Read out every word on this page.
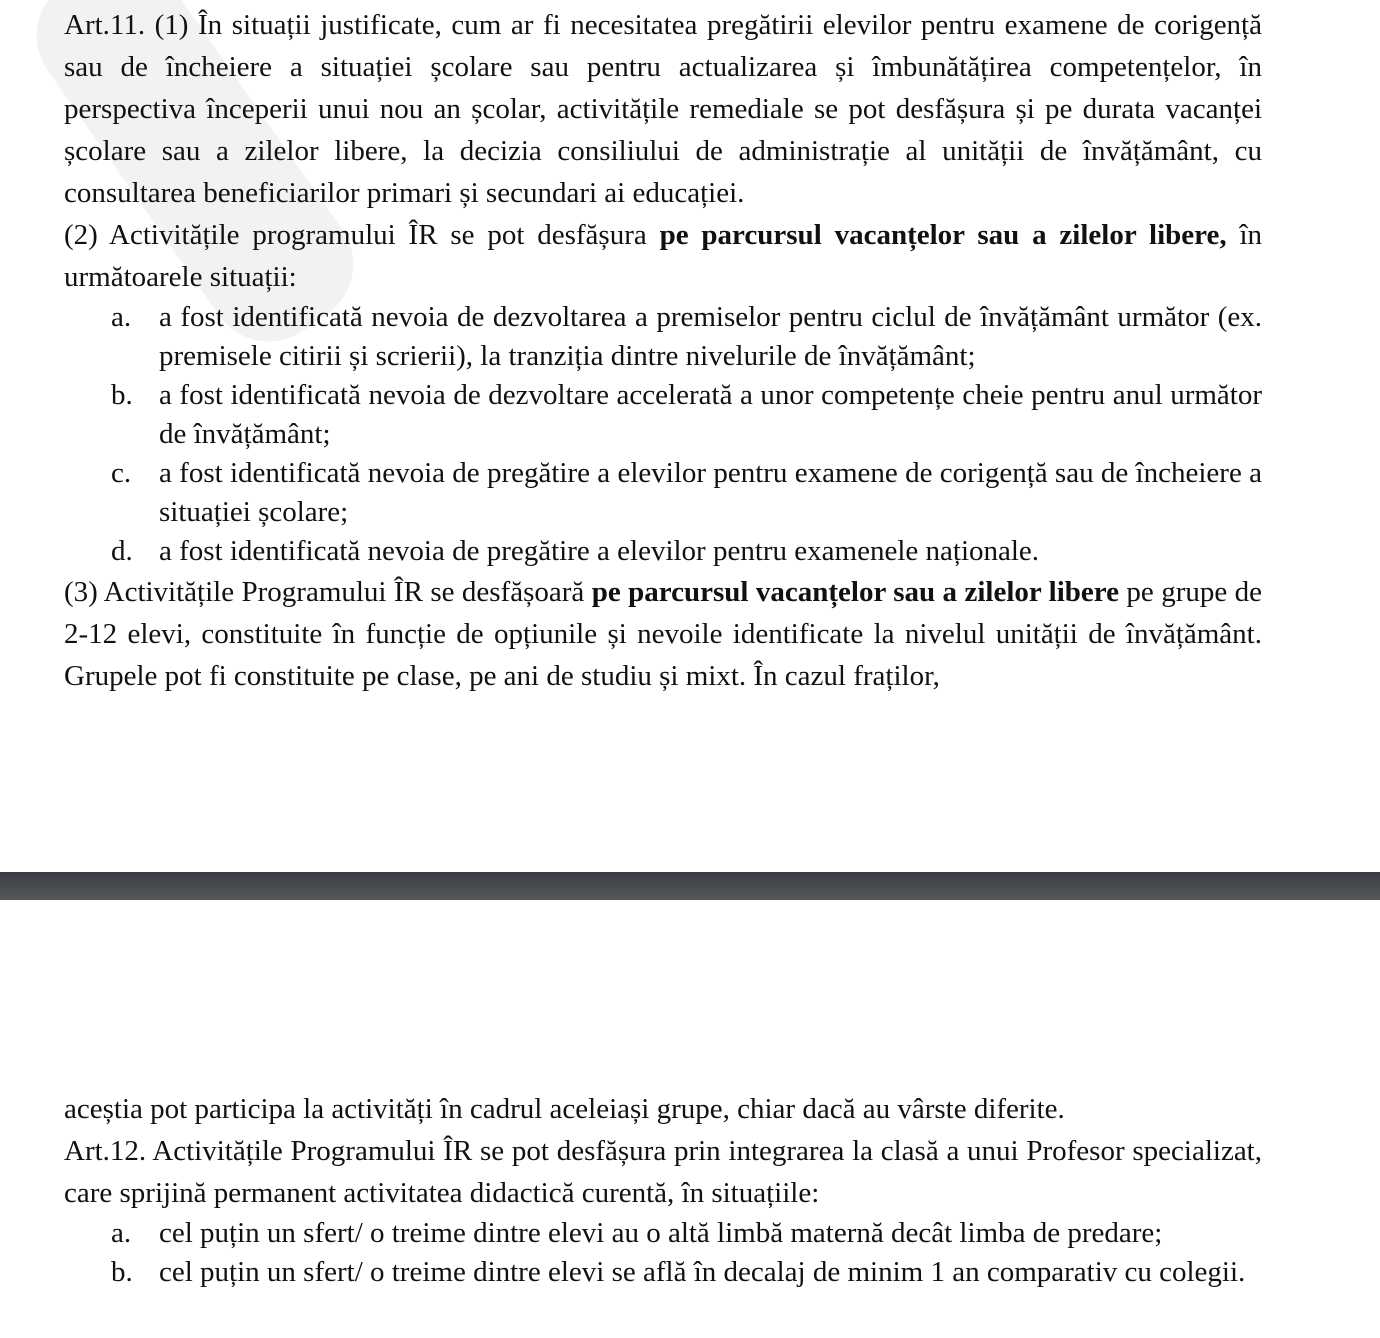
Art.11. (1) În situații justificate, cum ar fi necesitatea pregătirii elevilor pentru examene de corigență sau de încheiere a situației școlare sau pentru actualizarea și îmbunătățirea competențelor, în perspectiva începerii unui nou an școlar, activitățile remediale se pot desfășura și pe durata vacanței școlare sau a zilelor libere, la decizia consiliului de administrație al unității de învățământ, cu consultarea beneficiarilor primari și secundari ai educației.

(2) Activitățile programului ÎR se pot desfășura pe parcursul vacanțelor sau a zilelor libere, în următoarele situații:

a. a fost identificată nevoia de dezvoltarea a premiselor pentru ciclul de învățământ următor (ex. premisele citirii și scrierii), la tranziția dintre nivelurile de învățământ;
b. a fost identificată nevoia de dezvoltare accelerată a unor competențe cheie pentru anul următor de învățământ;
c. a fost identificată nevoia de pregătire a elevilor pentru examene de corigență sau de încheiere a situației școlare;
d. a fost identificată nevoia de pregătire a elevilor pentru examenele naționale.

(3) Activitățile Programului ÎR se desfășoară pe parcursul vacanțelor sau a zilelor libere pe grupe de 2-12 elevi, constituite în funcție de opțiunile și nevoile identificate la nivelul unității de învățământ. Grupele pot fi constituite pe clase, pe ani de studiu și mixt. În cazul fraților,

aceștia pot participa la activități în cadrul aceleiași grupe, chiar dacă au vârste diferite.

Art.12. Activitățile Programului ÎR se pot desfășura prin integrarea la clasă a unui Profesor specializat, care sprijină permanent activitatea didactică curentă, în situațiile:

a. cel puțin un sfert/ o treime dintre elevi au o altă limbă maternă decât limba de predare;
b. cel puțin un sfert/ o treime dintre elevi se află în decalaj de minim 1 an comparativ cu colegii.
